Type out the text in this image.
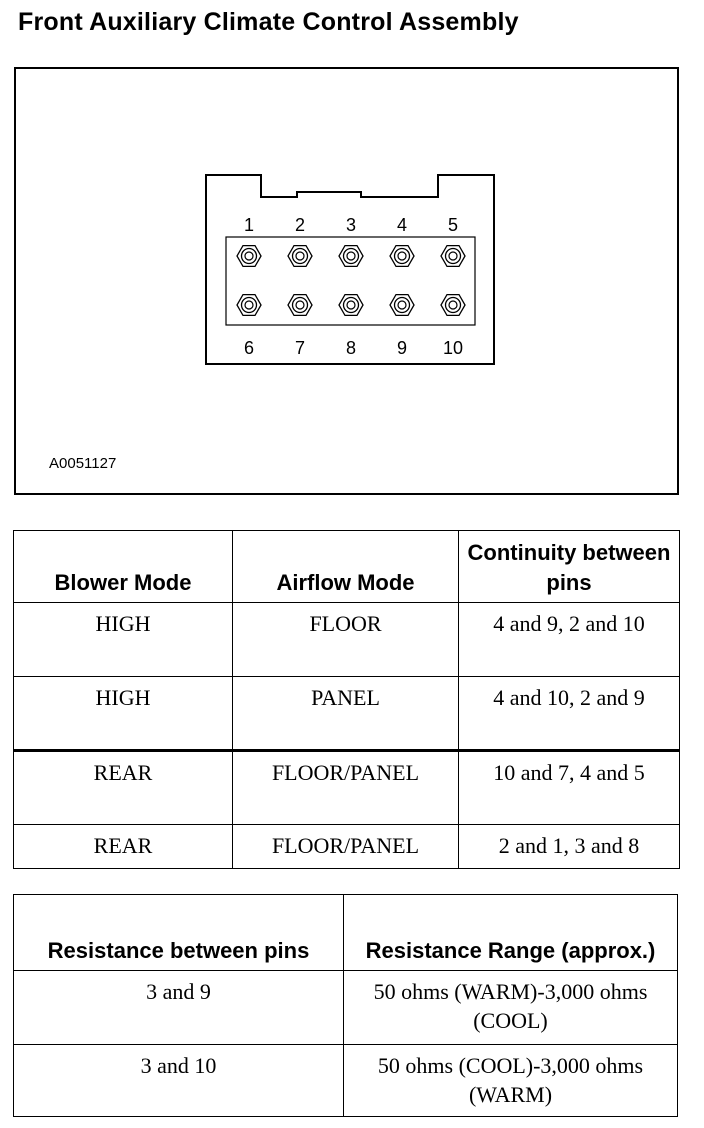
Front Auxiliary Climate Control Assembly
1 2 3 4 5
6 7 8 9 10
A0051127
Blower Mode	Airflow Mode	Continuity between pins
HIGH	FLOOR	4 and 9, 2 and 10
HIGH	PANEL	4 and 10, 2 and 9
REAR	FLOOR/PANEL	10 and 7, 4 and 5
REAR	FLOOR/PANEL	2 and 1, 3 and 8
Resistance between pins	Resistance Range (approx.)
3 and 9	50 ohms (WARM)-3,000 ohms (COOL)
3 and 10	50 ohms (COOL)-3,000 ohms (WARM)
